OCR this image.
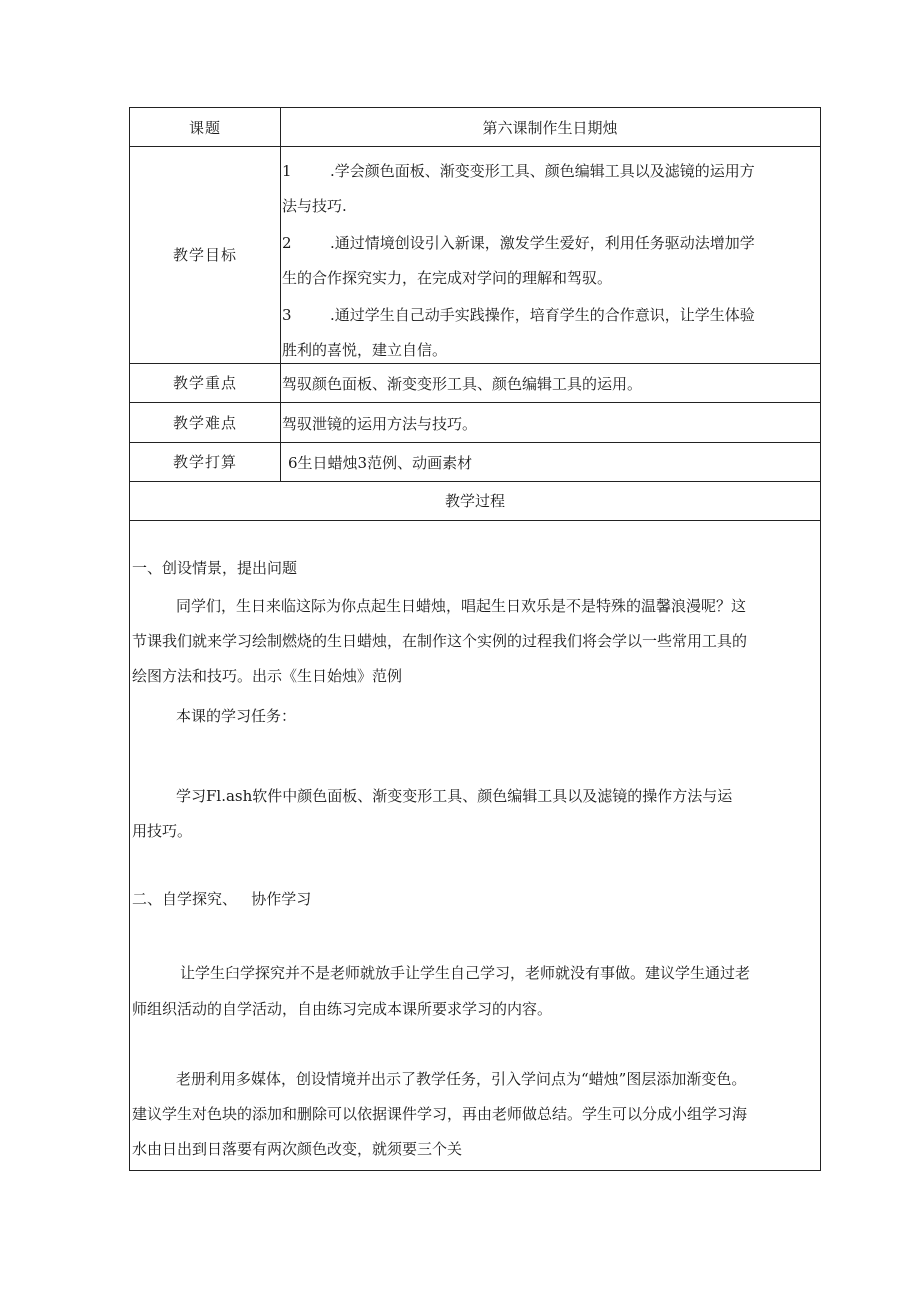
课题	第六课制作生日期烛
教学目标
1	.学会颜色面板、渐变变形工具、颜色编辑工具以及滤镜的运用方
法与技巧.
2	.通过情境创设引入新课，激发学生爱好，利用任务驱动法增加学
生的合作探究实力，在完成对学问的理解和驾驭。
3	.通过学生自己动手实践操作，培育学生的合作意识，让学生体验
胜利的喜悦，建立自信。
教学重点	驾驭颜色面板、渐变变形工具、颜色编辑工具的运用。
教学难点	驾驭泄镜的运用方法与技巧。
教学打算	6生日蜡烛3范例、动画素材
教学过程
一、创设情景，提出问题
同学们，生日来临这际为你点起生日蜡烛，唱起生日欢乐是不是特殊的温馨浪漫呢？这
节课我们就来学习绘制燃烧的生日蜡烛，在制作这个实例的过程我们将会学以一些常用工具的
绘图方法和技巧。出示《生日始烛》范例
本课的学习任务：
学习Fl.ash软件中颜色面板、渐变变形工具、颜色编辑工具以及滤镜的操作方法与运
用技巧。
二、自学探究、   协作学习
让学生臼学探究并不是老师就放手让学生自己学习，老师就没有事做。建议学生通过老
师组织活动的自学活动，自由练习完成本课所要求学习的内容。
老册利用多媒体，创设情境并出示了教学任务，引入学问点为“蜡烛”图层添加渐变色。
建议学生对色块的添加和删除可以依据课件学习，再由老师做总结。学生可以分成小组学习海
水由日出到日落要有两次颜色改变，就须要三个关
